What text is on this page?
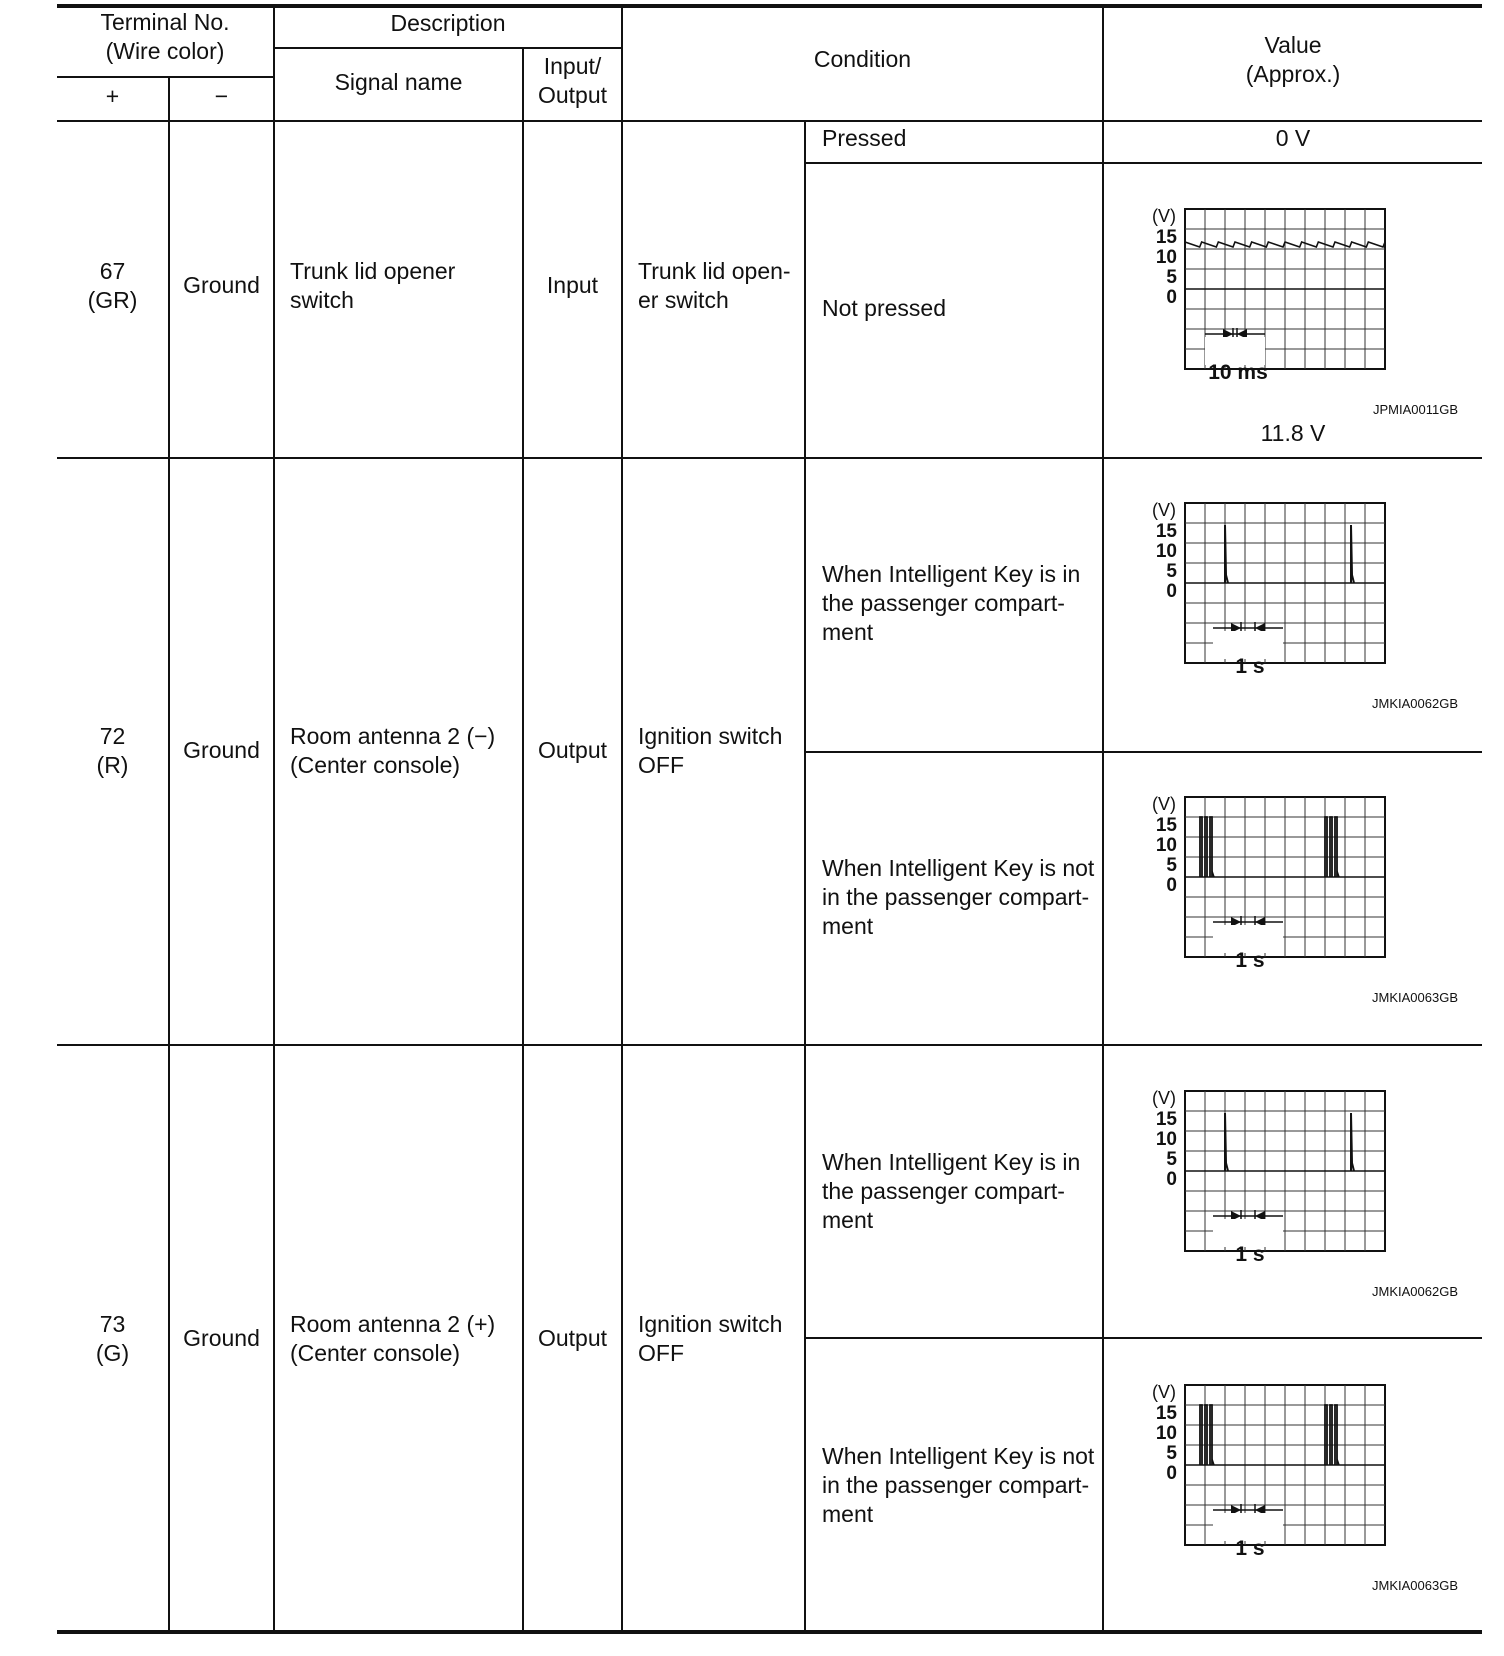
Terminal No.
(Wire color)
+	−
Description
Signal name
Input/
Output
Condition
Value
(Approx.)
67
(GR)
Ground
Trunk lid opener
switch
Input
Trunk lid open-
er switch
Pressed	0 V
Not pressed
11.8 V
72
(R)
Ground
Room antenna 2 (−)
(Center console)
Output
Ignition switch
OFF
When Intelligent Key is in
the passenger compart-
ment
When Intelligent Key is not
in the passenger compart-
ment
73
(G)
Ground
Room antenna 2 (+)
(Center console)
Output
Ignition switch
OFF
When Intelligent Key is in
the passenger compart-
ment
When Intelligent Key is not
in the passenger compart-
ment
(V)
15
10
5
0
10 ms
JPMIA0011GB
(V)
15
10
5
0
1 s
JMKIA0062GB
(V)
15
10
5
0
1 s
JMKIA0063GB
(V)
15
10
5
0
1 s
JMKIA0062GB
(V)
15
10
5
0
1 s
JMKIA0063GB
